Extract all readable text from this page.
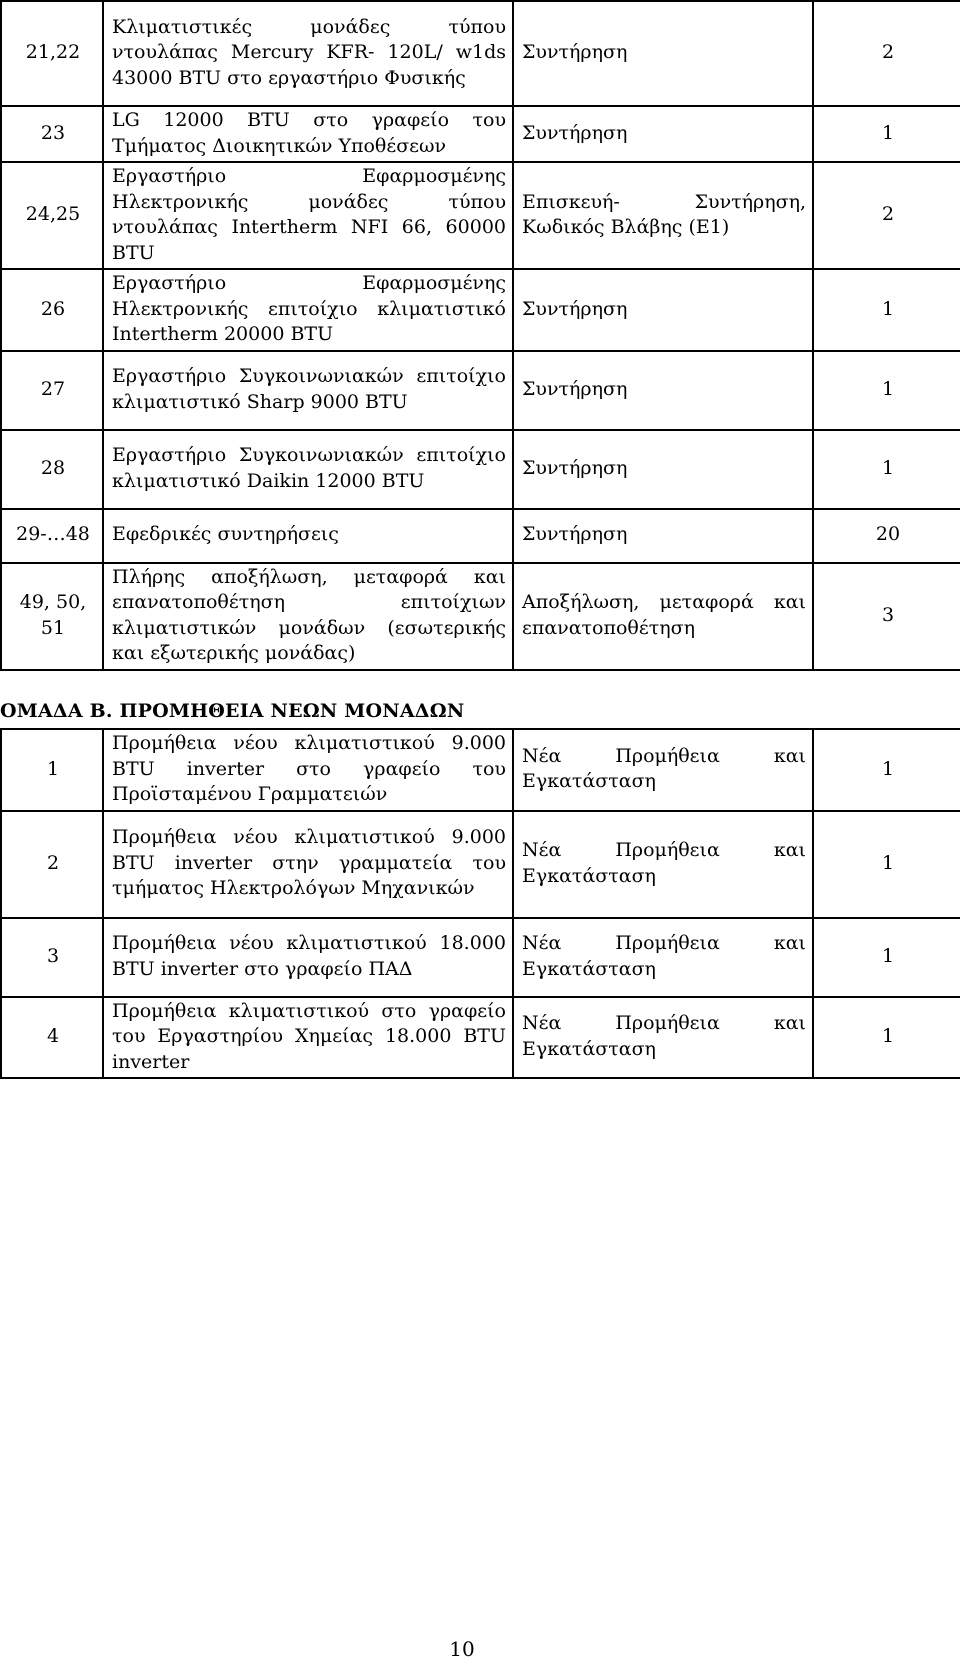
21,22	Κλιματιστικές μονάδες τύπου ντουλάπας Mercury KFR- 120L/ w1ds 43000 BTU στο εργαστήριο Φυσικής	Συντήρηση	2
23	LG 12000 BTU στο γραφείο του Τμήματος Διοικητικών Υποθέσεων	Συντήρηση	1
24,25	Εργαστήριο Εφαρμοσμένης Ηλεκτρονικής μονάδες τύπου ντουλάπας Intertherm NFI 66, 60000 BTU	Επισκευή- Συντήρηση, Κωδικός Βλάβης (Ε1)	2
26	Εργαστήριο Εφαρμοσμένης Ηλεκτρονικής επιτοίχιο κλιματιστικό Intertherm 20000 BTU	Συντήρηση	1
27	Εργαστήριο Συγκοινωνιακών επιτοίχιο κλιματιστικό Sharp 9000 BTU	Συντήρηση	1
28	Εργαστήριο Συγκοινωνιακών επιτοίχιο κλιματιστικό Daikin 12000 BTU	Συντήρηση	1
29-…48	Εφεδρικές συντηρήσεις	Συντήρηση	20
49, 50, 51	Πλήρης αποξήλωση, μεταφορά και επανατοποθέτηση επιτοίχιων κλιματιστικών μονάδων (εσωτερικής και εξωτερικής μονάδας)	Αποξήλωση, μεταφορά και επανατοποθέτηση	3
ΟΜΑΔΑ Β. ΠΡΟΜΗΘΕΙΑ ΝΕΩΝ ΜΟΝΑΔΩΝ
1	Προμήθεια νέου κλιματιστικού 9.000 BTU inverter στο γραφείο του Προϊσταμένου Γραμματειών	Νέα Προμήθεια και Εγκατάσταση	1
2	Προμήθεια νέου κλιματιστικού 9.000 BTU inverter στην γραμματεία του τμήματος Ηλεκτρολόγων Μηχανικών	Νέα Προμήθεια και Εγκατάσταση	1
3	Προμήθεια νέου κλιματιστικού 18.000 BTU inverter στο γραφείο ΠΑΔ	Νέα Προμήθεια και Εγκατάσταση	1
4	Προμήθεια κλιματιστικού στο γραφείο του Εργαστηρίου Χημείας 18.000 BTU inverter	Νέα Προμήθεια και Εγκατάσταση	1
10
